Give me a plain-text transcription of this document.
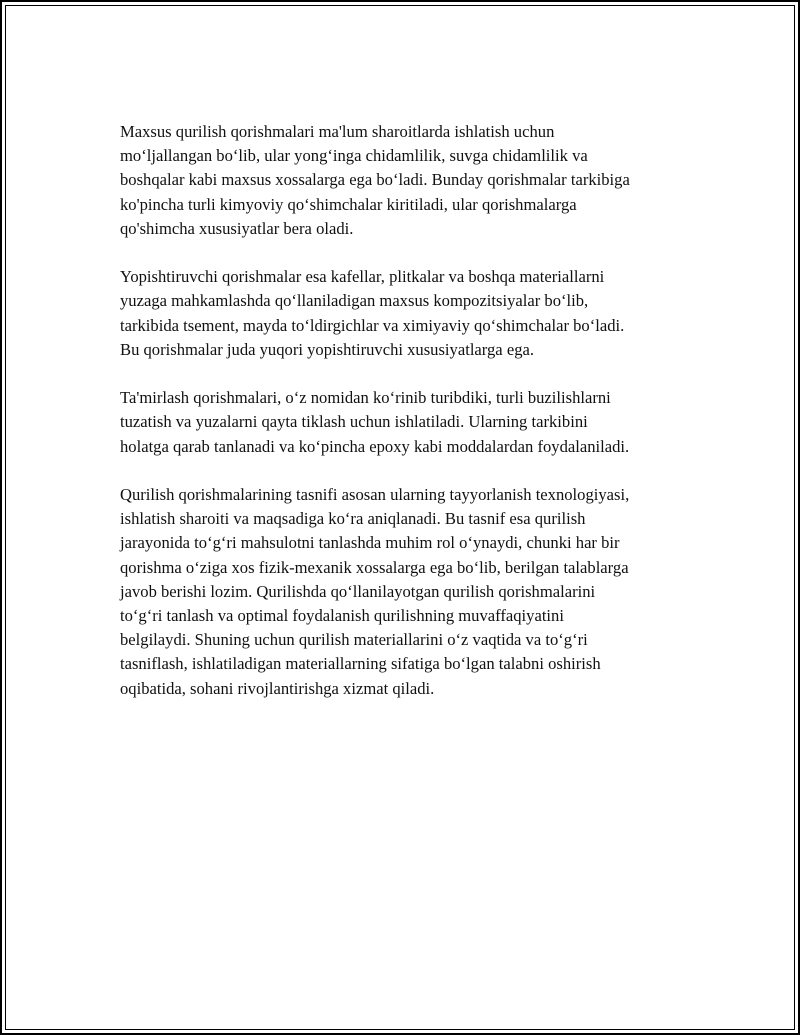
Maxsus qurilish qorishmalari ma'lum sharoitlarda ishlatish uchun
mo‘ljallangan bo‘lib, ular yong‘inga chidamlilik, suvga chidamlilik va
boshqalar kabi maxsus xossalarga ega bo‘ladi. Bunday qorishmalar tarkibiga
ko'pincha turli kimyoviy qo‘shimchalar kiritiladi, ular qorishmalarga
qo'shimcha xususiyatlar bera oladi.

Yopishtiruvchi qorishmalar esa kafellar, plitkalar va boshqa materiallarni
yuzaga mahkamlashda qo‘llaniladigan maxsus kompozitsiyalar bo‘lib,
tarkibida tsement, mayda to‘ldirgichlar va ximiyaviy qo‘shimchalar bo‘ladi.
Bu qorishmalar juda yuqori yopishtiruvchi xususiyatlarga ega.

Ta'mirlash qorishmalari, o‘z nomidan ko‘rinib turibdiki, turli buzilishlarni
tuzatish va yuzalarni qayta tiklash uchun ishlatiladi. Ularning tarkibini
holatga qarab tanlanadi va ko‘pincha epoxy kabi moddalardan foydalaniladi.

Qurilish qorishmalarining tasnifi asosan ularning tayyorlanish texnologiyasi,
ishlatish sharoiti va maqsadiga ko‘ra aniqlanadi. Bu tasnif esa qurilish
jarayonida to‘g‘ri mahsulotni tanlashda muhim rol o‘ynaydi, chunki har bir
qorishma o‘ziga xos fizik-mexanik xossalarga ega bo‘lib, berilgan talablarga
javob berishi lozim. Qurilishda qo‘llanilayotgan qurilish qorishmalarini
to‘g‘ri tanlash va optimal foydalanish qurilishning muvaffaqiyatini
belgilaydi. Shuning uchun qurilish materiallarini o‘z vaqtida va to‘g‘ri
tasniflash, ishlatiladigan materiallarning sifatiga bo‘lgan talabni oshirish
oqibatida, sohani rivojlantirishga xizmat qiladi.
